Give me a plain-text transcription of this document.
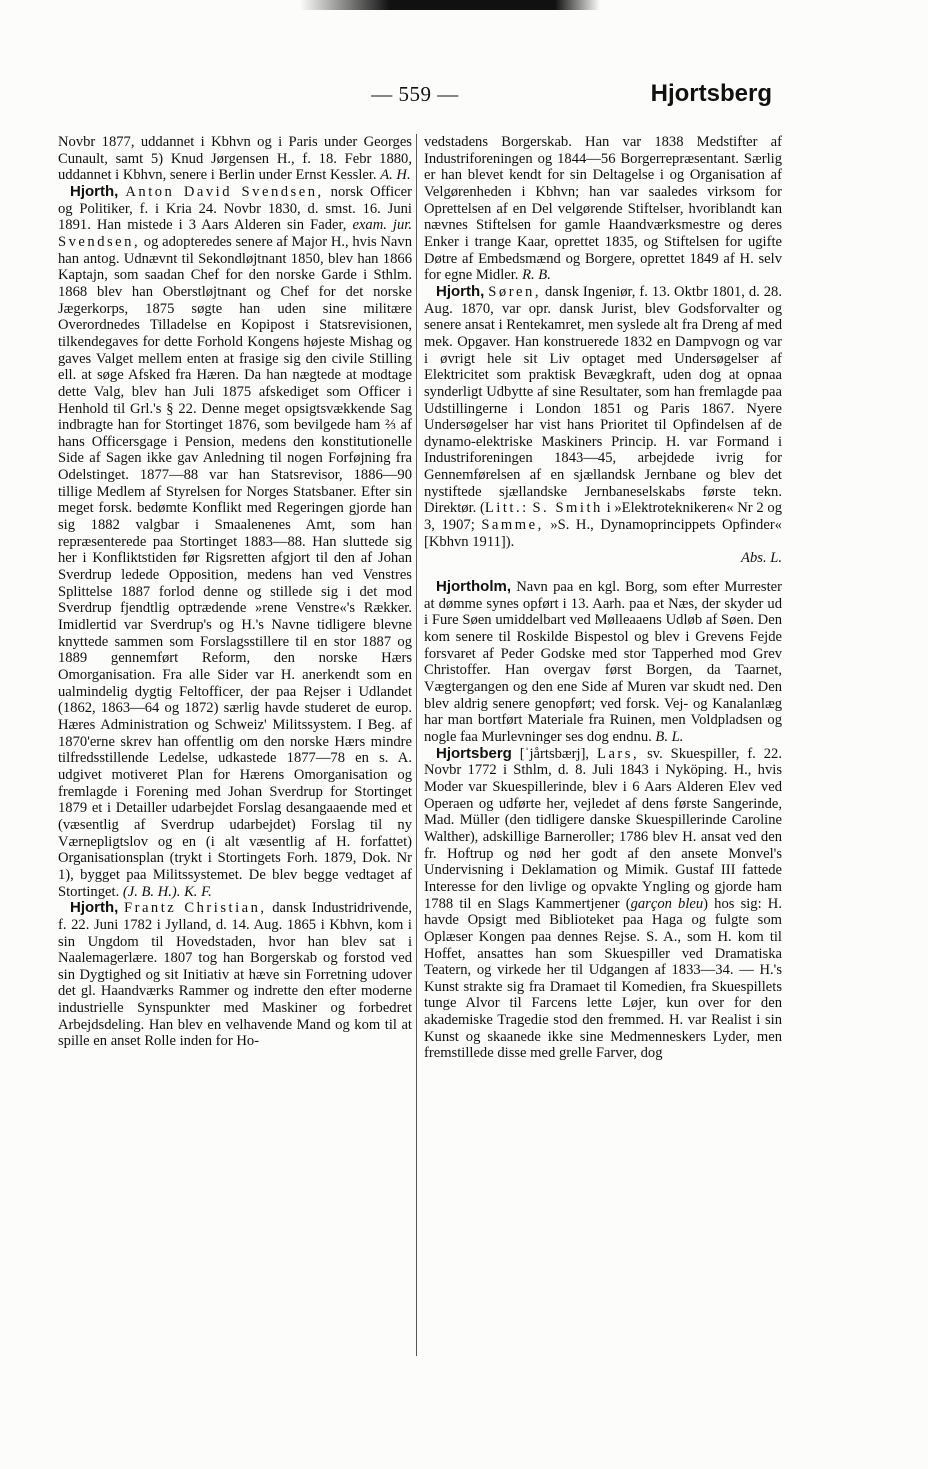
— 559 —	Hjortsberg

Novbr 1877, uddannet i Kbhvn og i Paris under Georges Cunault, samt 5) Knud Jørgensen H., f. 18. Febr 1880, uddannet i Kbhvn, senere i Berlin under Ernst Kessler. A. H.

Hjorth, Anton David Svendsen, norsk Officer og Politiker, f. i Kria 24. Novbr 1830, d. smst. 16. Juni 1891. Han mistede i 3 Aars Alderen sin Fader, exam. jur. Svendsen, og adopteredes senere af Major H., hvis Navn han antog. Udnævnt til Sekondløjtnant 1850, blev han 1866 Kaptajn, som saadan Chef for den norske Garde i Sthlm. 1868 blev han Oberstløjtnant og Chef for det norske Jægerkorps, 1875 søgte han uden sine militære Overordnedes Tilladelse en Kopipost i Statsrevisionen, tilkendegaves for dette Forhold Kongens højeste Mishag og gaves Valget mellem enten at frasige sig den civile Stilling ell. at søge Afsked fra Hæren. Da han nægtede at modtage dette Valg, blev han Juli 1875 afskediget som Officer i Henhold til Grl.'s § 22. Denne meget opsigtsvækkende Sag indbragte han for Stortinget 1876, som bevilgede ham ⅔ af hans Officersgage i Pension, medens den konstitutionelle Side af Sagen ikke gav Anledning til nogen Forføjning fra Odelstinget. 1877—88 var han Statsrevisor, 1886—90 tillige Medlem af Styrelsen for Norges Statsbaner. Efter sin meget forsk. bedømte Konflikt med Regeringen gjorde han sig 1882 valgbar i Smaalenenes Amt, som han repræsenterede paa Stortinget 1883—88. Han sluttede sig her i Konfliktstiden før Rigsretten afgjort til den af Johan Sverdrup ledede Opposition, medens han ved Venstres Splittelse 1887 forlod denne og stillede sig i det mod Sverdrup fjendtlig optrædende »rene Venstre«'s Rækker. Imidlertid var Sverdrup's og H.'s Navne tidligere blevne knyttede sammen som Forslagsstillere til en stor 1887 og 1889 gennemført Reform, den norske Hærs Omorganisation. Fra alle Sider var H. anerkendt som en ualmindelig dygtig Feltofficer, der paa Rejser i Udlandet (1862, 1863—64 og 1872) særlig havde studeret de europ. Hæres Administration og Schweiz' Militssystem. I Beg. af 1870'erne skrev han offentlig om den norske Hærs mindre tilfredsstillende Ledelse, udkastede 1877—78 en s. A. udgivet motiveret Plan for Hærens Omorganisation og fremlagde i Forening med Johan Sverdrup for Stortinget 1879 et i Detailler udarbejdet Forslag desangaaende med et (væsentlig af Sverdrup udarbejdet) Forslag til ny Værnepligtslov og en (i alt væsentlig af H. forfattet) Organisationsplan (trykt i Stortingets Forh. 1879, Dok. Nr 1), bygget paa Militssystemet. De blev begge vedtaget af Stortinget. (J. B. H.). K. F.

Hjorth, Frantz Christian, dansk Industridrivende, f. 22. Juni 1782 i Jylland, d. 14. Aug. 1865 i Kbhvn, kom i sin Ungdom til Hovedstaden, hvor han blev sat i Naalemagerlære. 1807 tog han Borgerskab og forstod ved sin Dygtighed og sit Initiativ at hæve sin Forretning udover det gl. Haandværks Rammer og indrette den efter moderne industrielle Synspunkter med Maskiner og forbedret Arbejdsdeling. Han blev en velhavende Mand og kom til at spille en anset Rolle inden for Ho-

vedstadens Borgerskab. Han var 1838 Medstifter af Industriforeningen og 1844—56 Borgerrepræsentant. Særlig er han blevet kendt for sin Deltagelse i og Organisation af Velgørenheden i Kbhvn; han var saaledes virksom for Oprettelsen af en Del velgørende Stiftelser, hvoriblandt kan nævnes Stiftelsen for gamle Haandværksmestre og deres Enker i trange Kaar, oprettet 1835, og Stiftelsen for ugifte Døtre af Embedsmænd og Borgere, oprettet 1849 af H. selv for egne Midler. R. B.

Hjorth, Søren, dansk Ingeniør, f. 13. Oktbr 1801, d. 28. Aug. 1870, var opr. dansk Jurist, blev Godsforvalter og senere ansat i Rentekamret, men syslede alt fra Dreng af med mek. Opgaver. Han konstruerede 1832 en Dampvogn og var i øvrigt hele sit Liv optaget med Undersøgelser af Elektricitet som praktisk Bevægkraft, uden dog at opnaa synderligt Udbytte af sine Resultater, som han fremlagde paa Udstillingerne i London 1851 og Paris 1867. Nyere Undersøgelser har vist hans Prioritet til Opfindelsen af de dynamo-elektriske Maskiners Princip. H. var Formand i Industriforeningen 1843—45, arbejdede ivrig for Gennemførelsen af en sjællandsk Jernbane og blev det nystiftede sjællandske Jernbaneselskabs første tekn. Direktør. (Litt.: S. Smith i »Elektroteknikeren« Nr 2 og 3, 1907; Samme, »S. H., Dynamoprincippets Opfinder« [Kbhvn 1911]).
Abs. L.

Hjortholm, Navn paa en kgl. Borg, som efter Murrester at dømme synes opført i 13. Aarh. paa et Næs, der skyder ud i Fure Søen umiddelbart ved Mølleaaens Udløb af Søen. Den kom senere til Roskilde Bispestol og blev i Grevens Fejde forsvaret af Peder Godske med stor Tapperhed mod Grev Christoffer. Han overgav først Borgen, da Taarnet, Vægtergangen og den ene Side af Muren var skudt ned. Den blev aldrig senere genopført; ved forsk. Vej- og Kanalanlæg har man bortført Materiale fra Ruinen, men Voldpladsen og nogle faa Murlevninger ses dog endnu. B. L.

Hjortsberg [ˈjårtsbærj], Lars, sv. Skuespiller, f. 22. Novbr 1772 i Sthlm, d. 8. Juli 1843 i Nyköping. H., hvis Moder var Skuespillerinde, blev i 6 Aars Alderen Elev ved Operaen og udførte her, vejledet af dens første Sangerinde, Mad. Müller (den tidligere danske Skuespillerinde Caroline Walther), adskillige Barneroller; 1786 blev H. ansat ved den fr. Hoftrup og nød her godt af den ansete Monvel's Undervisning i Deklamation og Mimik. Gustaf III fattede Interesse for den livlige og opvakte Yngling og gjorde ham 1788 til en Slags Kammertjener (garçon bleu) hos sig: H. havde Opsigt med Biblioteket paa Haga og fulgte som Oplæser Kongen paa dennes Rejse. S. A., som H. kom til Hoffet, ansattes han som Skuespiller ved Dramatiska Teatern, og virkede her til Udgangen af 1833—34. — H.'s Kunst strakte sig fra Dramaet til Komedien, fra Skuespillets tunge Alvor til Farcens lette Løjer, kun over for den akademiske Tragedie stod den fremmed. H. var Realist i sin Kunst og skaanede ikke sine Medmenneskers Lyder, men fremstillede disse med grelle Farver, dog
